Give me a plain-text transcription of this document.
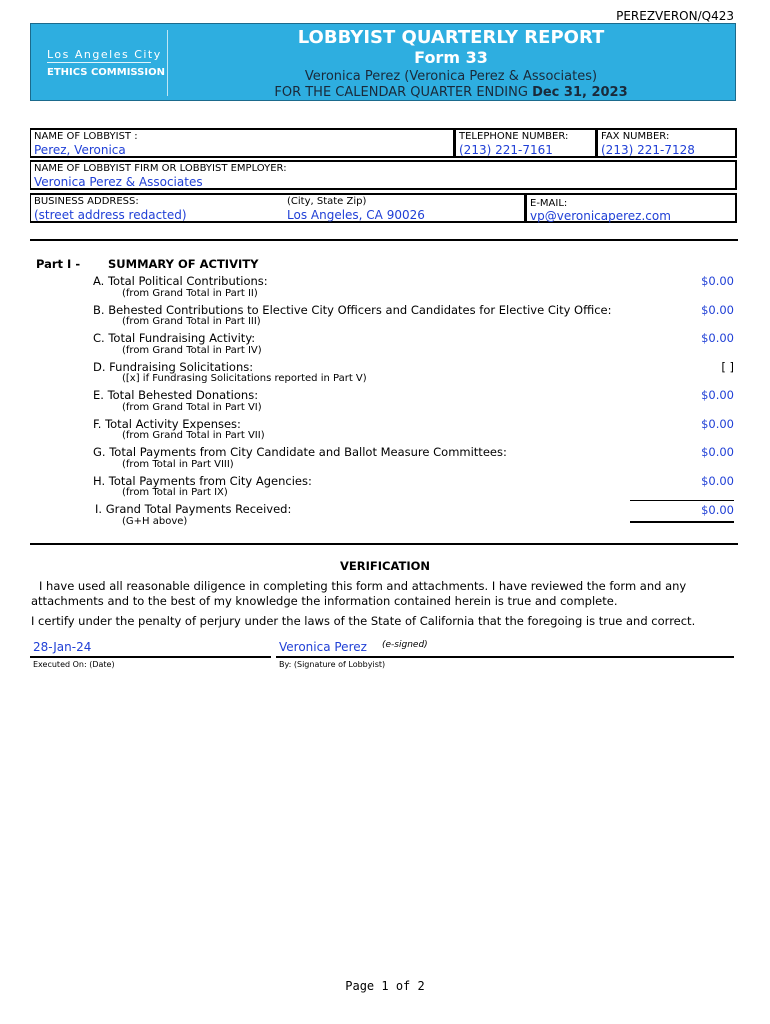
PEREZVERON/Q423
Los Angeles City
ETHICS COMMISSION
LOBBYIST QUARTERLY REPORT
Form 33
Veronica Perez (Veronica Perez & Associates)
FOR THE CALENDAR QUARTER ENDING Dec 31, 2023
NAME OF LOBBYIST :
Perez, Veronica
TELEPHONE NUMBER:
(213) 221-7161
FAX NUMBER:
(213) 221-7128
NAME OF LOBBYIST FIRM OR LOBBYIST EMPLOYER:
Veronica Perez & Associates
BUSINESS ADDRESS:
(street address redacted)
(City, State Zip)
Los Angeles, CA 90026
E-MAIL:
vp@veronicaperez.com
Part I - SUMMARY OF ACTIVITY
A. Total Political Contributions:
(from Grand Total in Part II)
$0.00
B. Behested Contributions to Elective City Officers and Candidates for Elective City Office:
(from Grand Total in Part III)
$0.00
C. Total Fundraising Activity:
(from Grand Total in Part IV)
$0.00
D. Fundraising Solicitations:
([x] if Fundrasing Solicitations reported in Part V)
[ ]
E. Total Behested Donations:
(from Grand Total in Part VI)
$0.00
F. Total Activity Expenses:
(from Grand Total in Part VII)
$0.00
G. Total Payments from City Candidate and Ballot Measure Committees:
(from Total in Part VIII)
$0.00
H. Total Payments from City Agencies:
(from Total in Part IX)
$0.00
I. Grand Total Payments Received:
(G+H above)
$0.00
VERIFICATION
I have used all reasonable diligence in completing this form and attachments. I have reviewed the form and any attachments and to the best of my knowledge the information contained herein is true and complete.
I certify under the penalty of perjury under the laws of the State of California that the foregoing is true and correct.
28-Jan-24
Executed On: (Date)
Veronica Perez (e-signed)
By: (Signature of Lobbyist)
Page 1 of 2
